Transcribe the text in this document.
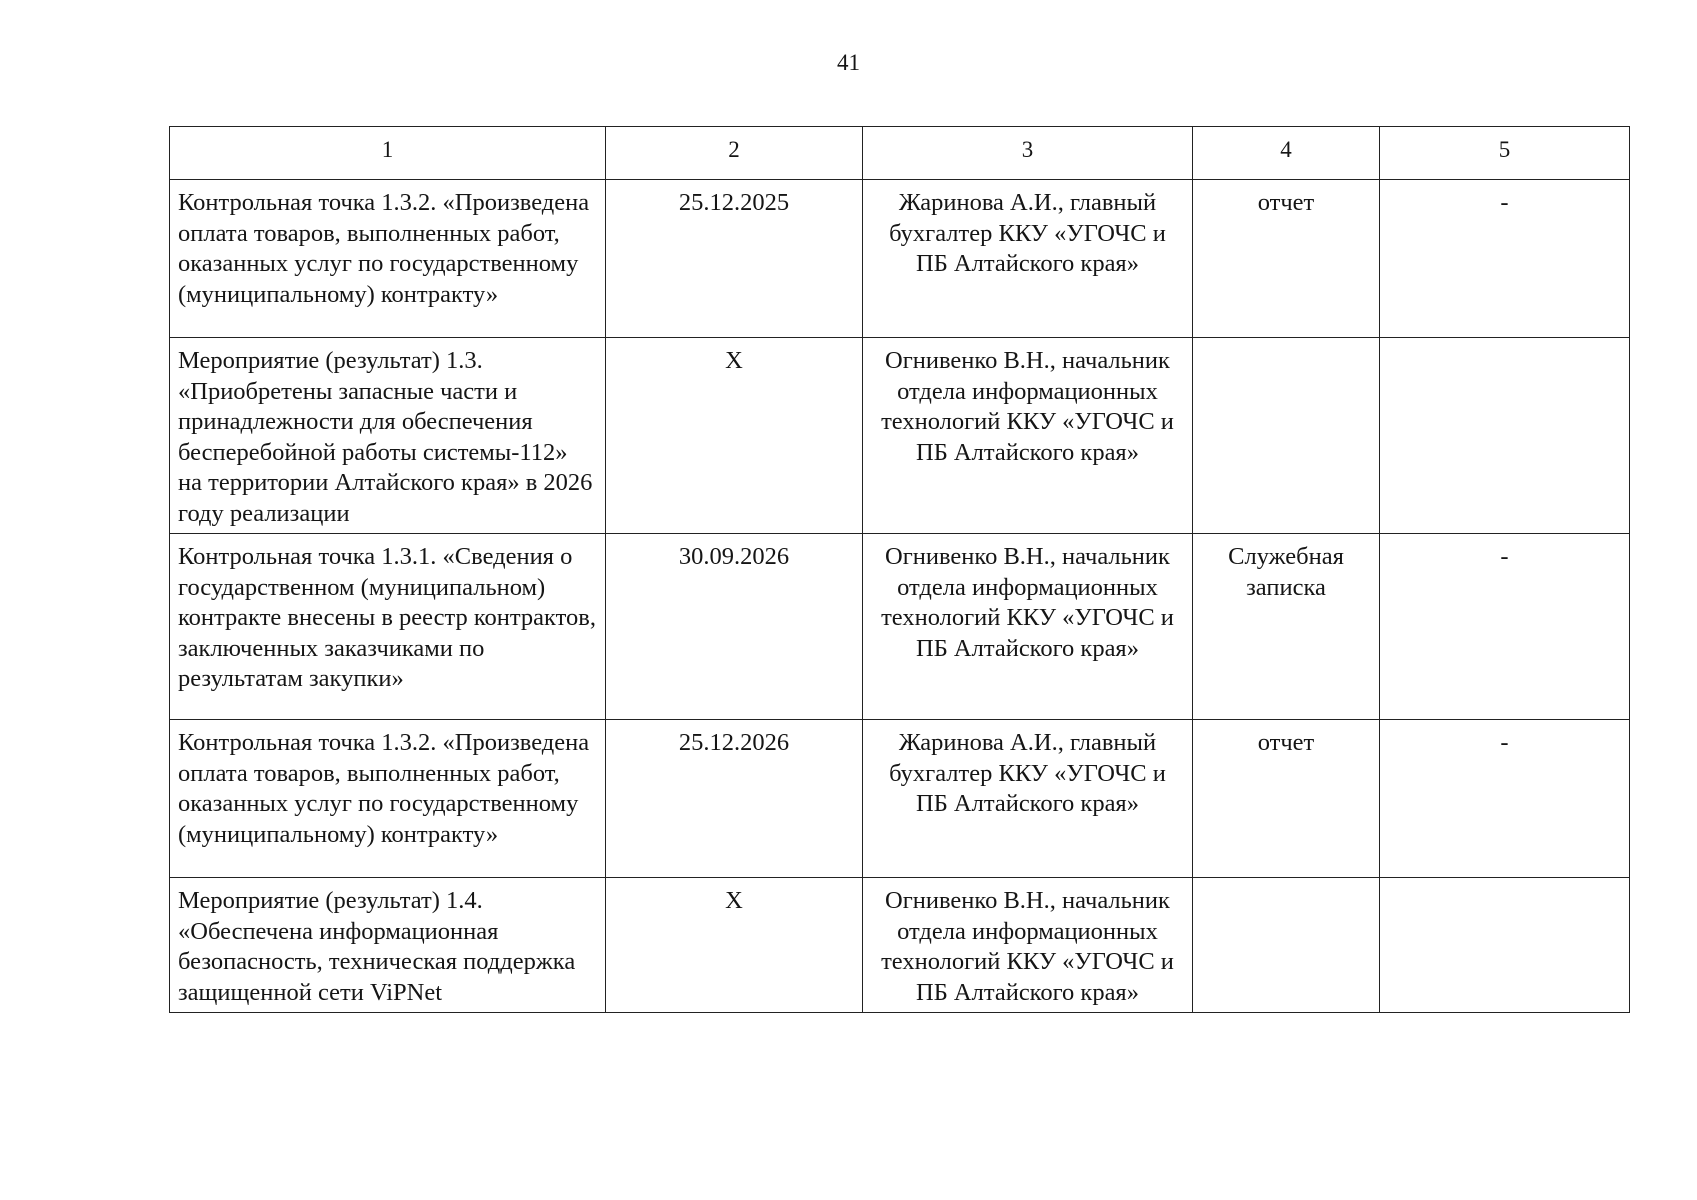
41
1	2	3	4	5
Контрольная точка 1.3.2. «Произведена оплата товаров, выполненных работ, оказанных услуг по государственному (муниципальному) контракту»	25.12.2025	Жаринова А.И., главный бухгалтер ККУ «УГОЧС и ПБ Алтайского края»	отчет	-
Мероприятие (результат) 1.3. «Приобретены запасные части и принадлежности для обеспечения бесперебойной работы системы-112» на территории Алтайского края» в 2026 году реализации	Х	Огнивенко В.Н., начальник отдела информационных технологий ККУ «УГОЧС и ПБ Алтайского края»		
Контрольная точка 1.3.1. «Сведения о государственном (муниципальном) контракте внесены в реестр контрактов, заключенных заказчиками по результатам закупки»	30.09.2026	Огнивенко В.Н., начальник отдела информационных технологий ККУ «УГОЧС и ПБ Алтайского края»	Служебная записка	-
Контрольная точка 1.3.2. «Произведена оплата товаров, выполненных работ, оказанных услуг по государственному (муниципальному) контракту»	25.12.2026	Жаринова А.И., главный бухгалтер ККУ «УГОЧС и ПБ Алтайского края»	отчет	-
Мероприятие (результат) 1.4. «Обеспечена информационная безопасность, техническая поддержка защищенной сети ViPNet	Х	Огнивенко В.Н., начальник отдела информационных технологий ККУ «УГОЧС и ПБ Алтайского края»		
